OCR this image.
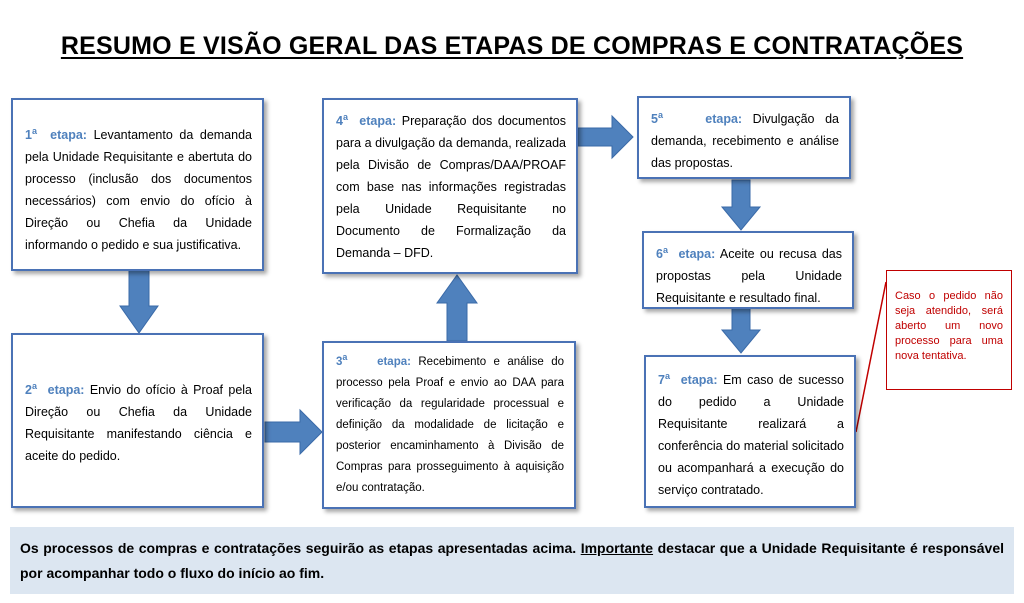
RESUMO E VISÃO GERAL DAS ETAPAS DE COMPRAS E CONTRATAÇÕES
1$^a$ etapa: Levantamento da demanda pela Unidade Requisitante e abertuta do processo (inclusão dos documentos necessários) com envio do ofício à Direção ou Chefia da Unidade informando o pedido e sua justificativa.
2$^a$ etapa: Envio do ofício à Proaf pela Direção ou Chefia da Unidade Requisitante manifestando ciência e aceite do pedido.
3$^a$	etapa: Recebimento e análise do processo pela Proaf e envio ao DAA para verificação da regularidade processual e definição da modalidade de licitação e posterior encaminhamento à Divisão de Compras para prosseguimento à aquisição e/ou contratação.
4$^a$ etapa: Preparação dos documentos para a divulgação da demanda, realizada pela Divisão de Compras/DAA/PROAF com base nas informações registradas pela Unidade Requisitante no Documento de Formalização da Demanda – DFD.
5$^a$	etapa: Divulgação da demanda, recebimento e análise das propostas.
6$^a$ etapa: Aceite ou recusa das propostas pela Unidade Requisitante e resultado final.
7$^a$ etapa: Em caso de sucesso do pedido a Unidade Requisitante realizará a conferência do material solicitado ou acompanhará a execução do serviço contratado.
Caso o pedido não seja atendido, será aberto um novo processo para uma nova tentativa.
Os processos de compras e contratações seguirão as etapas apresentadas acima. Importante destacar que a Unidade Requisitante é responsável por acompanhar todo o fluxo do início ao fim.
